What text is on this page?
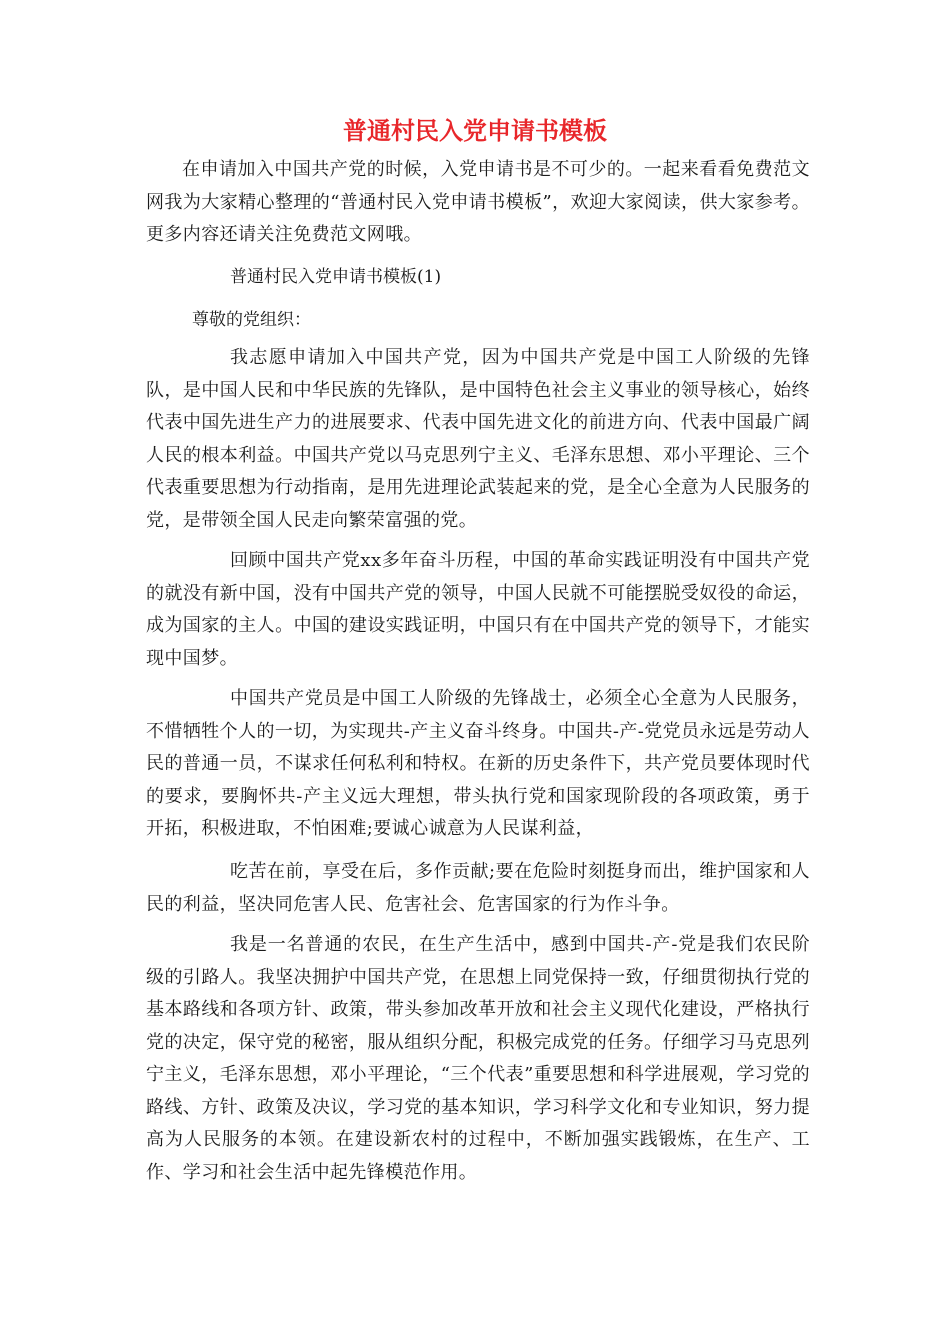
普通村民入党申请书模板

在申请加入中国共产党的时候，入党申请书是不可少的。一起来看看免费范文网我为大家精心整理的“普通村民入党申请书模板”，欢迎大家阅读，供大家参考。更多内容还请关注免费范文网哦。

普通村民入党申请书模板(1)

尊敬的党组织：

我志愿申请加入中国共产党，因为中国共产党是中国工人阶级的先锋队，是中国人民和中华民族的先锋队，是中国特色社会主义事业的领导核心，始终代表中国先进生产力的进展要求、代表中国先进文化的前进方向、代表中国最广阔人民的根本利益。中国共产党以马克思列宁主义、毛泽东思想、邓小平理论、三个代表重要思想为行动指南，是用先进理论武装起来的党，是全心全意为人民服务的党，是带领全国人民走向繁荣富强的党。

回顾中国共产党xx多年奋斗历程，中国的革命实践证明没有中国共产党的就没有新中国，没有中国共产党的领导，中国人民就不可能摆脱受奴役的命运，成为国家的主人。中国的建设实践证明，中国只有在中国共产党的领导下，才能实现中国梦。

中国共产党员是中国工人阶级的先锋战士，必须全心全意为人民服务，不惜牺牲个人的一切，为实现共-产主义奋斗终身。中国共-产-党党员永远是劳动人民的普通一员，不谋求任何私利和特权。在新的历史条件下，共产党员要体现时代的要求，要胸怀共-产主义远大理想，带头执行党和国家现阶段的各项政策，勇于开拓，积极进取，不怕困难;要诚心诚意为人民谋利益，

吃苦在前，享受在后，多作贡献;要在危险时刻挺身而出，维护国家和人民的利益，坚决同危害人民、危害社会、危害国家的行为作斗争。

我是一名普通的农民，在生产生活中，感到中国共-产-党是我们农民阶级的引路人。我坚决拥护中国共产党，在思想上同党保持一致，仔细贯彻执行党的基本路线和各项方针、政策，带头参加改革开放和社会主义现代化建设，严格执行党的决定，保守党的秘密，服从组织分配，积极完成党的任务。仔细学习马克思列宁主义，毛泽东思想，邓小平理论，“三个代表”重要思想和科学进展观，学习党的路线、方针、政策及决议，学习党的基本知识，学习科学文化和专业知识，努力提高为人民服务的本领。在建设新农村的过程中，不断加强实践锻炼，在生产、工作、学习和社会生活中起先锋模范作用。
